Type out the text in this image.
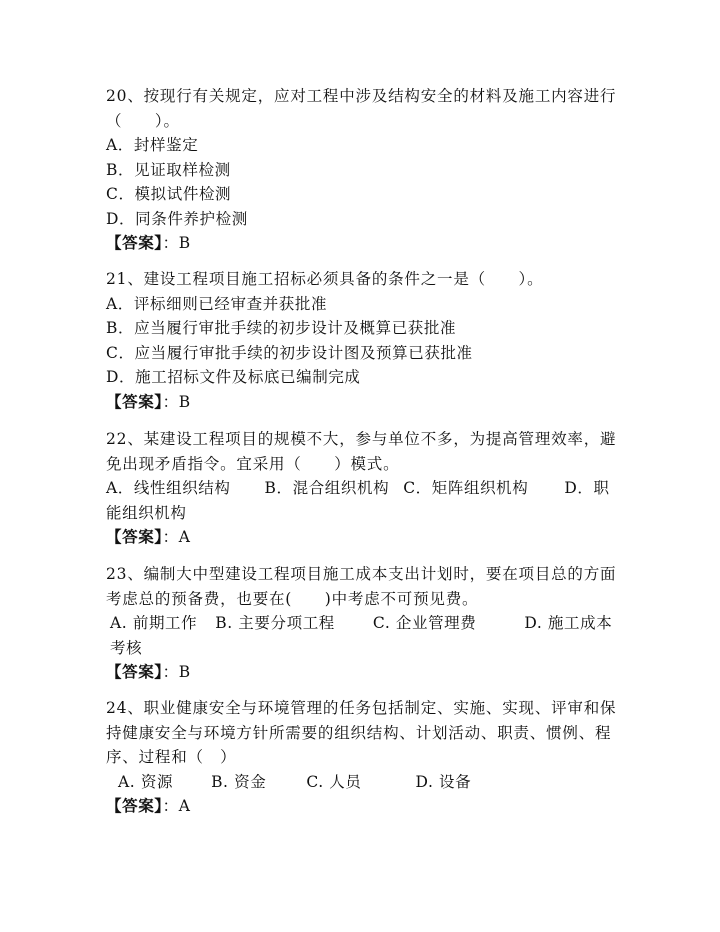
20、按现行有关规定，应对工程中涉及结构安全的材料及施工内容进行（　　）。
A．封样鉴定
B．见证取样检测
C．模拟试件检测
D．同条件养护检测
【答案】：B
21、建设工程项目施工招标必须具备的条件之一是（　　）。
A．评标细则已经审查并获批准
B．应当履行审批手续的初步设计及概算已获批准
C．应当履行审批手续的初步设计图及预算已获批准
D．施工招标文件及标底已编制完成
【答案】：B
22、某建设工程项目的规模不大，参与单位不多，为提高管理效率，避免出现矛盾指令。宜采用（　　）模式。
A．线性组织结构 B．混合组织机构 C．矩阵组织机构 D．职能组织机构
【答案】：A
23、编制大中型建设工程项目施工成本支出计划时，要在项目总的方面考虑总的预备费，也要在(　　)中考虑不可预见费。
A. 前期工作 B. 主要分项工程 C. 企业管理费	D. 施工成本考核
【答案】：B
24、职业健康安全与环境管理的任务包括制定、实施、实现、评审和保持健康安全与环境方针所需要的组织结构、计划活动、职责、惯例、程序、过程和（　）
A. 资源 B. 资金	C. 人员	D. 设备
【答案】：A
